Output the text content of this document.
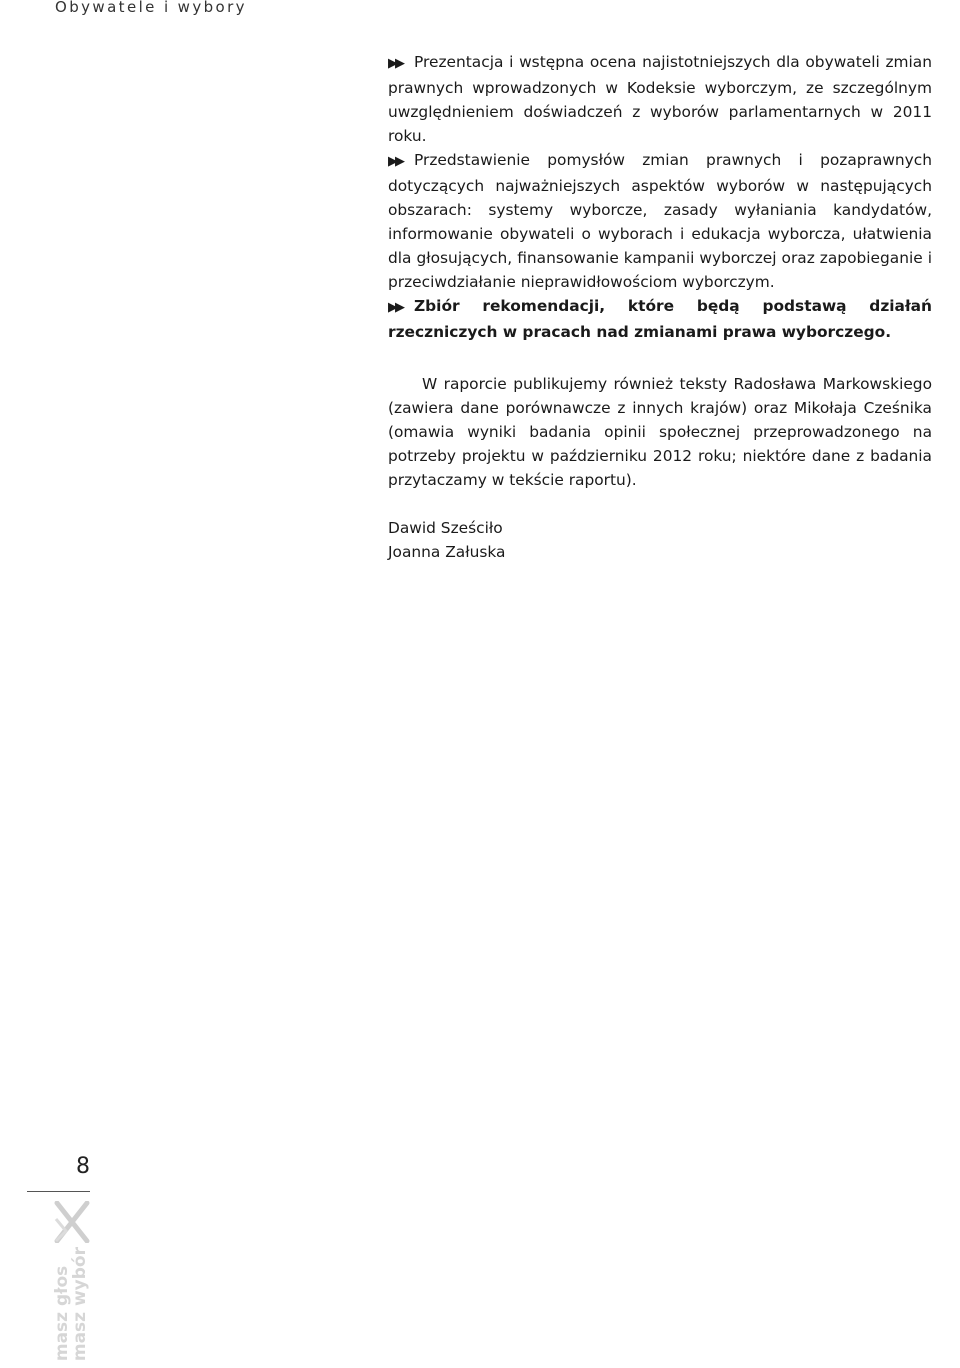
Obywatele i wybory

▶▶ Prezentacja i wstępna ocena najistotniejszych dla obywateli zmian prawnych wprowadzonych w Kodeksie wyborczym, ze szczególnym uwzględnieniem doświadczeń z wyborów parlamentarnych w 2011 roku.

▶▶ Przedstawienie pomysłów zmian prawnych i pozaprawnych dotyczących najważniejszych aspektów wyborów w następujących obszarach: systemy wyborcze, zasady wyłaniania kandydatów, informowanie obywateli o wyborach i edukacja wyborcza, ułatwienia dla głosujących, finansowanie kampanii wyborczej oraz zapobieganie i przeciwdziałanie nieprawidłowościom wyborczym.

▶▶ Zbiór rekomendacji, które będą podstawą działań rzeczniczych w pracach nad zmianami prawa wyborczego.

W raporcie publikujemy również teksty Radosława Markowskiego (zawiera dane porównawcze z innych krajów) oraz Mikołaja Cześnika (omawia wyniki badania opinii społecznej przeprowadzonego na potrzeby projektu w październiku 2012 roku; niektóre dane z badania przytaczamy w tekście raportu).

Dawid Sześciło
Joanna Załuska
8
masz głos
masz wybór
